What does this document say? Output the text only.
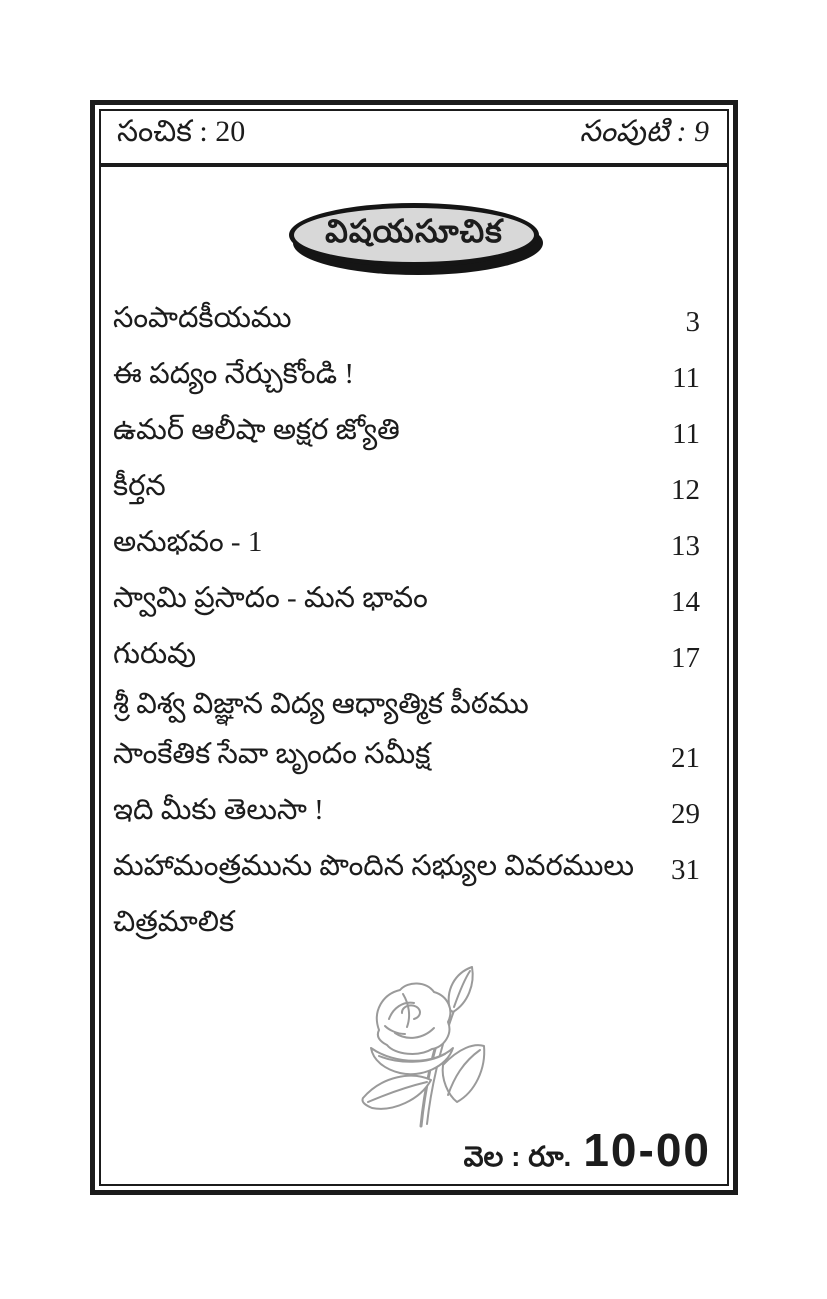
సంచిక : 20	సంపుటి : 9
విషయసూచిక
సంపాదకీయము	3
ఈ పద్యం నేర్చుకోండి !	11
ఉమర్ ఆలీషా అక్షర జ్యోతి	11
కీర్తన	12
అనుభవం - 1	13
స్వామి ప్రసాదం - మన భావం	14
గురువు	17
శ్రీ విశ్వ విజ్ఞాన విద్య ఆధ్యాత్మిక పీఠము
సాంకేతిక సేవా బృందం సమీక్ష	21
ఇది మీకు తెలుసా !	29
మహామంత్రమును పొందిన సభ్యుల వివరములు	31
చిత్రమాలిక
వెల : రూ. 10-00
